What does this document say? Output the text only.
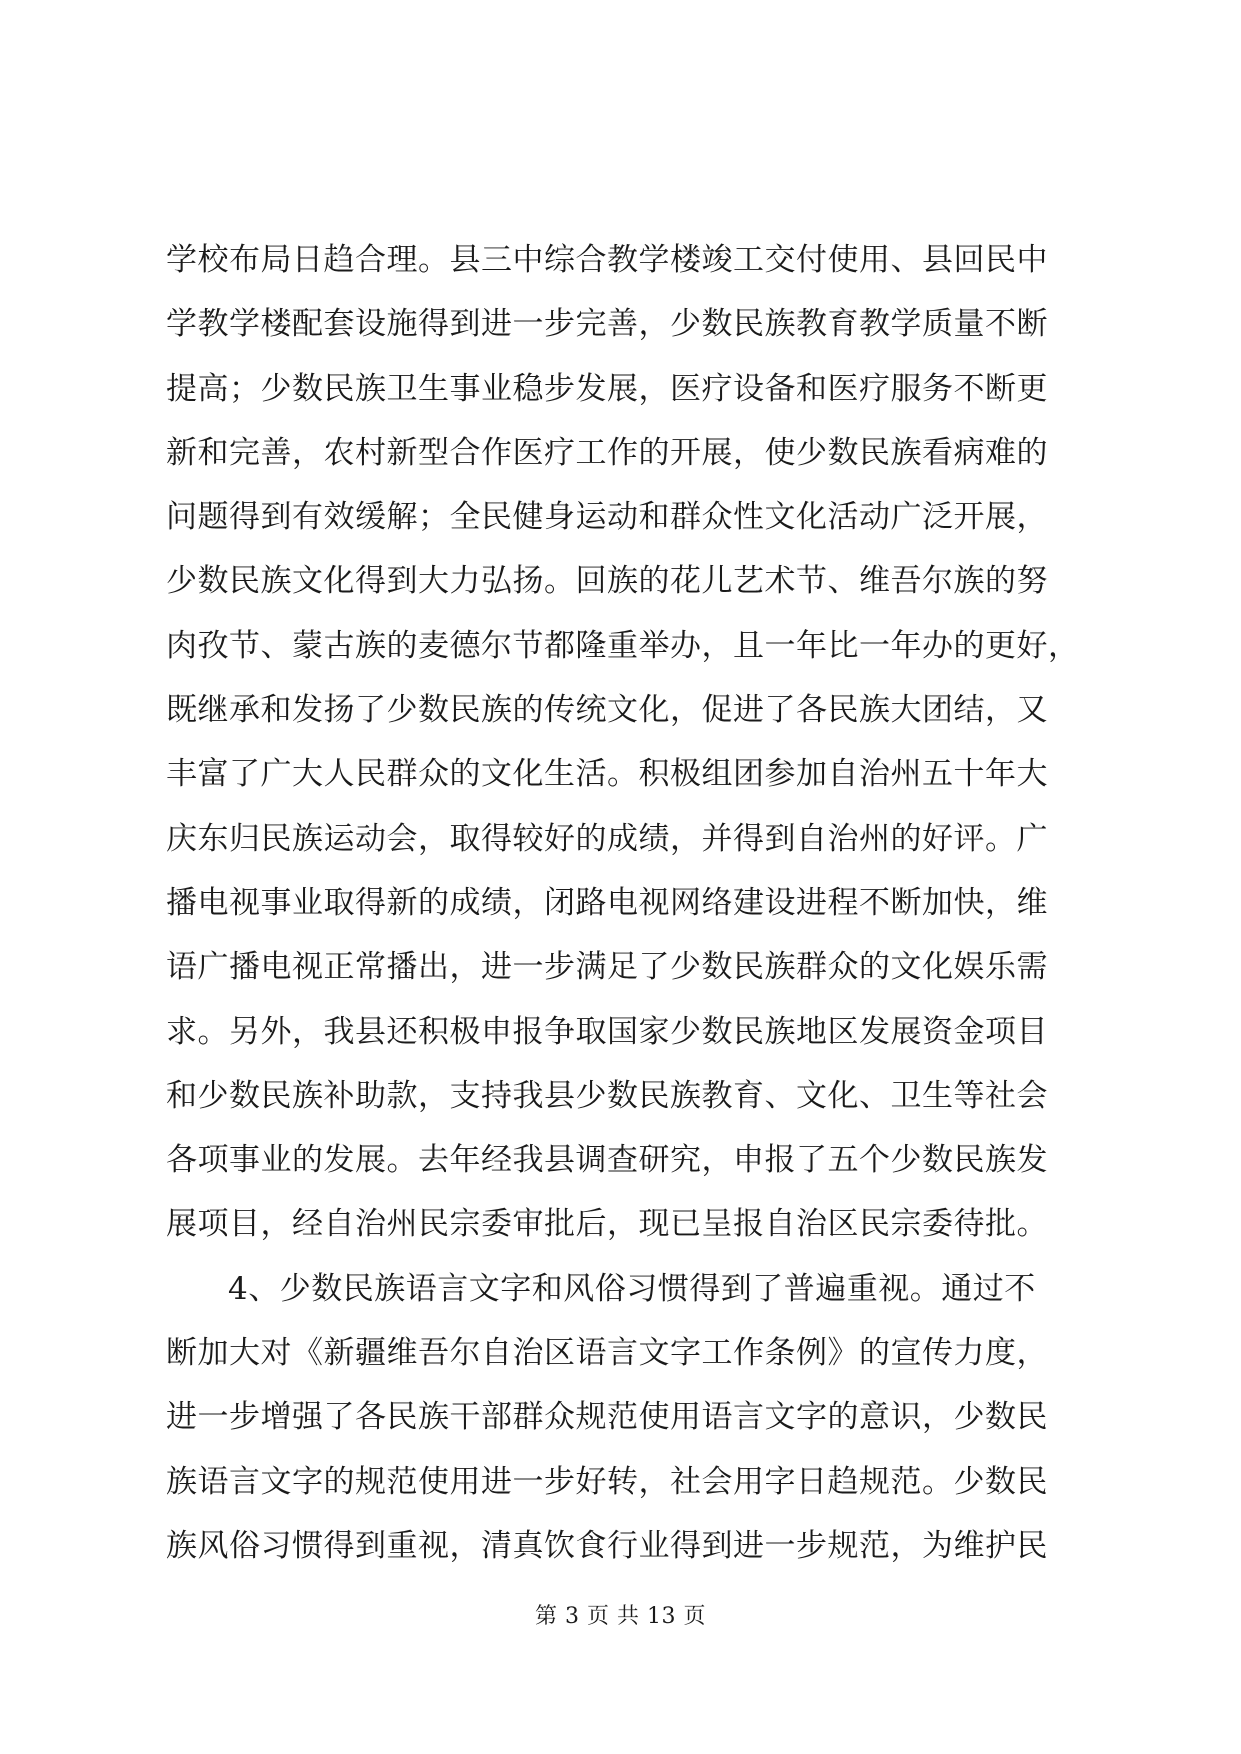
学校布局日趋合理。县三中综合教学楼竣工交付使用、县回民中
学教学楼配套设施得到进一步完善，少数民族教育教学质量不断
提高；少数民族卫生事业稳步发展，医疗设备和医疗服务不断更
新和完善，农村新型合作医疗工作的开展，使少数民族看病难的
问题得到有效缓解；全民健身运动和群众性文化活动广泛开展，
少数民族文化得到大力弘扬。回族的花儿艺术节、维吾尔族的努
肉孜节、蒙古族的麦德尔节都隆重举办，且一年比一年办的更好，
既继承和发扬了少数民族的传统文化，促进了各民族大团结，又
丰富了广大人民群众的文化生活。积极组团参加自治州五十年大
庆东归民族运动会，取得较好的成绩，并得到自治州的好评。广
播电视事业取得新的成绩，闭路电视网络建设进程不断加快，维
语广播电视正常播出，进一步满足了少数民族群众的文化娱乐需
求。另外，我县还积极申报争取国家少数民族地区发展资金项目
和少数民族补助款，支持我县少数民族教育、文化、卫生等社会
各项事业的发展。去年经我县调查研究，申报了五个少数民族发
展项目，经自治州民宗委审批后，现已呈报自治区民宗委待批。
4、少数民族语言文字和风俗习惯得到了普遍重视。通过不
断加大对《新疆维吾尔自治区语言文字工作条例》的宣传力度，
进一步增强了各民族干部群众规范使用语言文字的意识，少数民
族语言文字的规范使用进一步好转，社会用字日趋规范。少数民
族风俗习惯得到重视，清真饮食行业得到进一步规范，为维护民
第 3 页 共 13 页
